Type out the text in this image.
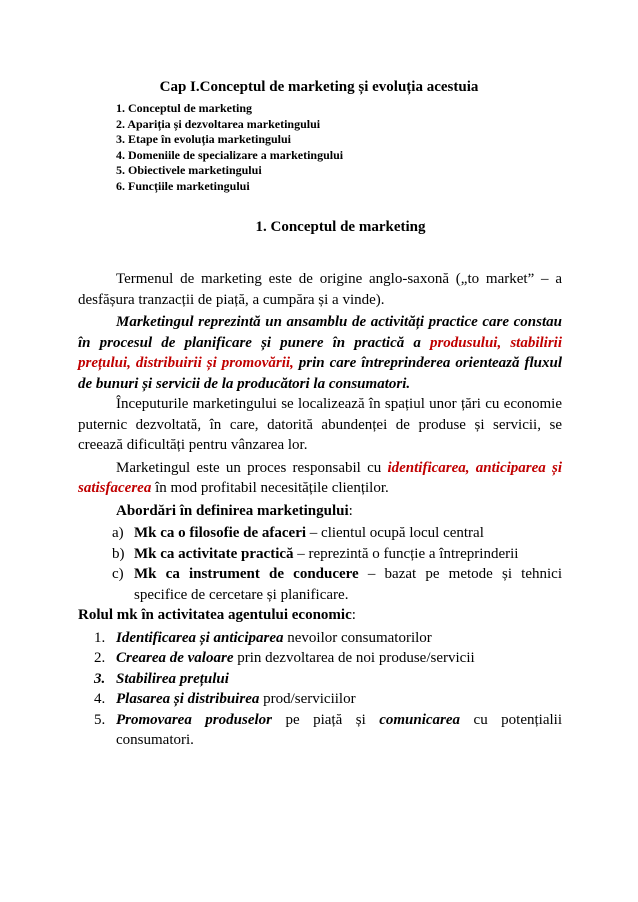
Cap I.Conceptul de marketing și evoluția acestuia
1. Conceptul de marketing
2. Apariția și dezvoltarea marketingului
3. Etape în evoluția marketingului
4. Domeniile de specializare a marketingului
5. Obiectivele marketingului
6. Funcțiile marketingului
1. Conceptul de marketing

Termenul de marketing este de origine anglo-saxonă („to market” – a desfășura tranzacții de piață, a cumpăra și a vinde).

Marketingul reprezintă un ansamblu de activități practice care constau în procesul de planificare și punere în practică a produsului, stabilirii prețului, distribuirii și promovării, prin care întreprinderea orientează fluxul de bunuri și servicii de la producători la consumatori.

Începuturile marketingului se localizează în spațiul unor țări cu economie puternic dezvoltată, în care, datorită abundenței de produse și servicii, se creează dificultăți pentru vânzarea lor.

Marketingul este un proces responsabil cu identificarea, anticiparea și satisfacerea în mod profitabil necesitățile clienților.

Abordări în definirea marketingului:
a) Mk ca o filosofie de afaceri – clientul ocupă locul central
b) Mk ca activitate practică – reprezintă o funcție a întreprinderii
c) Mk ca instrument de conducere – bazat pe metode și tehnici specifice de cercetare și planificare.
Rolul mk în activitatea agentului economic:
1. Identificarea și anticiparea nevoilor consumatorilor
2. Crearea de valoare prin dezvoltarea de noi produse/servicii
3. Stabilirea prețului
4. Plasarea și distribuirea prod/serviciilor
5. Promovarea produselor pe piață și comunicarea cu potențialii consumatori.
